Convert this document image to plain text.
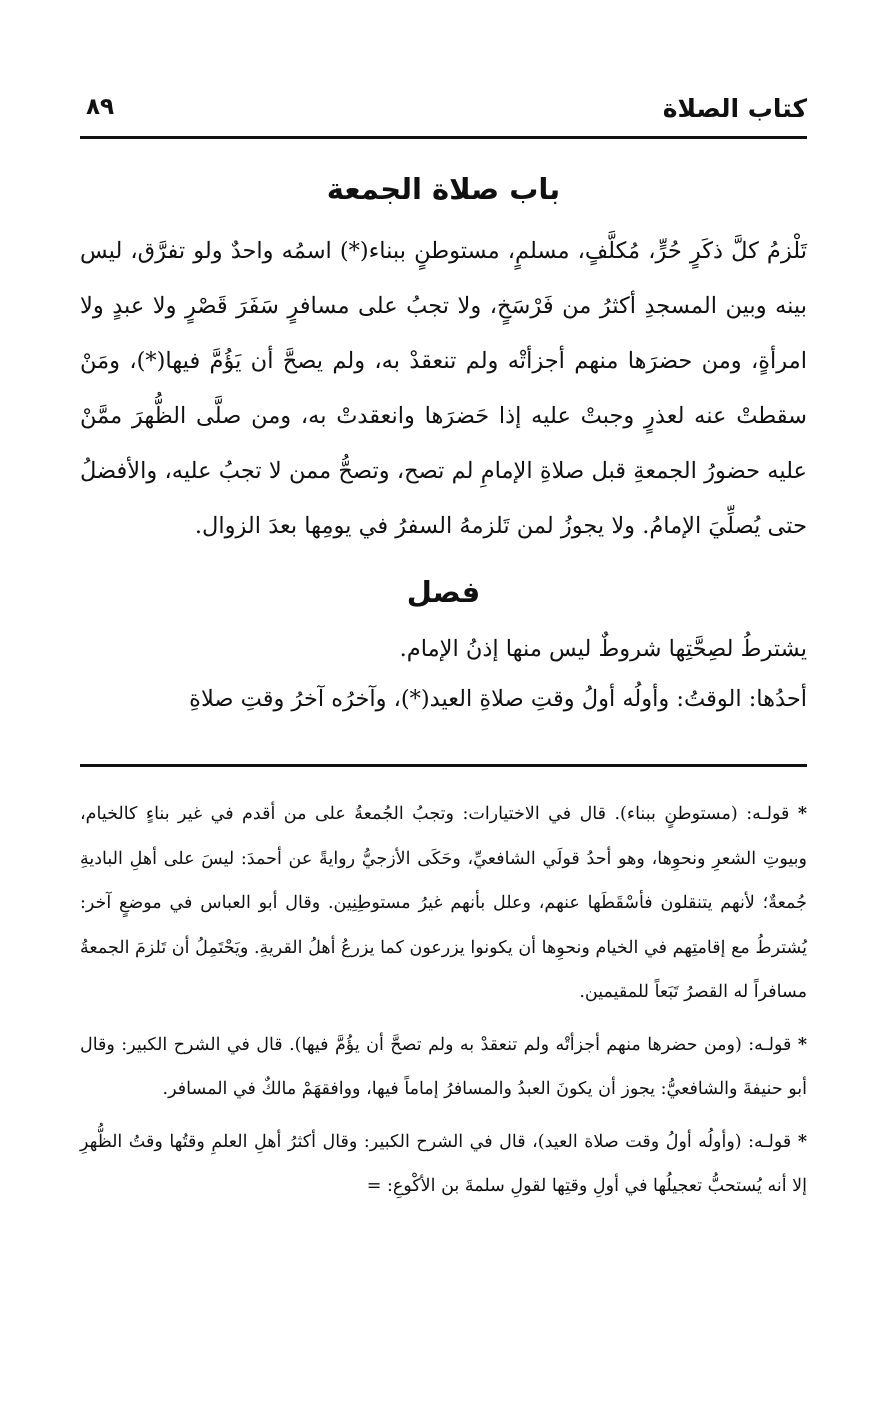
كتاب الصلاة
٨٩
باب صلاة الجمعة

تَلْزمُ كلَّ ذكَرٍ حُرٍّ، مُكلَّفٍ، مسلمٍ، مستوطنٍ ببناء(*) اسمُه واحدٌ ولو تفرَّق، ليس بينه وبين المسجدِ أكثرُ من فَرْسَخٍ، ولا تجبُ على مسافرٍ سَفَرَ قَصْرٍ ولا عبدٍ ولا امرأةٍ، ومن حضرَها منهم أجزأتْه ولم تنعقدْ به، ولم يصحَّ أن يَؤُمَّ فيها(*)، ومَنْ سقطتْ عنه لعذرٍ وجبتْ عليه إذا حَضرَها وانعقدتْ به، ومن صلَّى الظُّهرَ ممَّنْ عليه حضورُ الجمعةِ قبل صلاةِ الإمامِ لم تصح، وتصحُّ ممن لا تجبُ عليه، والأفضلُ حتى يُصلِّيَ الإمامُ. ولا يجوزُ لمن تَلزمهُ السفرُ في يومِها بعدَ الزوال.

فصل

يشترطُ لصِحَّتِها شروطٌ ليس منها إذنُ الإمام.

أحدُها: الوقتُ: وأولُه أولُ وقتِ صلاةِ العيد(*)، وآخرُه آخرُ وقتِ صلاةِ

* قولـه: (مستوطنٍ ببناء). قال في الاختيارات: وتجبُ الجُمعةُ على من أقدم في غير بناءٍ كالخيام، وبيوتِ الشعرِ ونحوِها، وهو أحدُ قولَي الشافعيِّ، وحَكَى الأزجيُّ روايةً عن أحمدَ: ليسَ على أهلِ الباديةِ جُمعةٌ؛ لأنهم يتنقلون فأسْقَطَها عنهم، وعلل بأنهم غيرُ مستوطِنِين. وقال أبو العباس في موضعٍ آخر: يُشترطُ مع إقامتِهم في الخيام ونحوِها أن يكونوا يزرعون كما يزرعُ أهلُ القريةِ. ويَحْتَمِلُ أن تَلزمَ الجمعةُ مسافراً له القصرُ تَبَعاً للمقيمين.

* قولـه: (ومن حضرها منهم أجزأتْه ولم تنعقدْ به ولم تصحَّ أن يؤُمَّ فيها). قال في الشرح الكبير: وقال أبو حنيفةَ والشافعيُّ: يجوز أن يكونَ العبدُ والمسافرُ إماماً فيها، ووافقهَمْ مالكٌ في المسافر.

* قولـه: (وأولُه أولُ وقت صلاة العيد)، قال في الشرح الكبير: وقال أكثرُ أهلِ العلمِ وقتُها وقتُ الظُّهرِ إلا أنه يُستحبُّ تعجيلُها في أولِ وقتِها لقولِ سلمةَ بن الأكْوعِ: =
